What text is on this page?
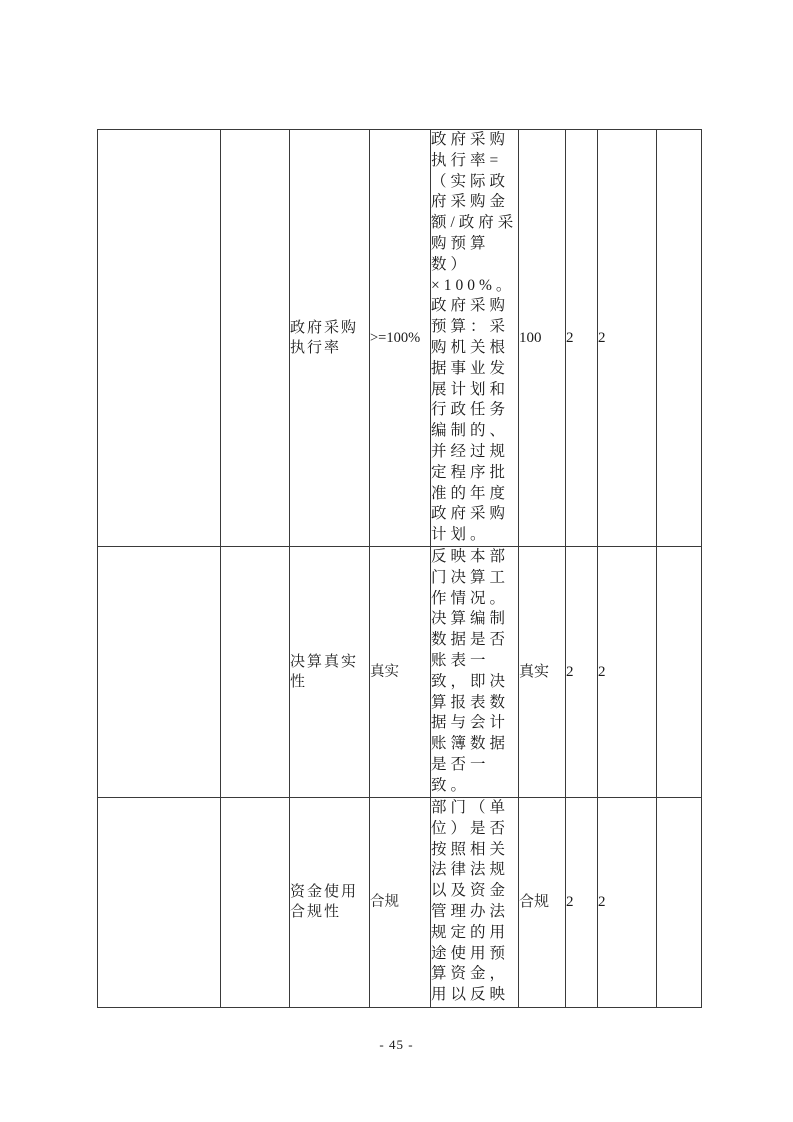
		政府采购执行率	>=100%	政府采购执行率=（实际政府采购金额/政府采购预算数）×100%。政府采购预算：采购机关根据事业发展计划和行政任务编制的、并经过规定程序批准的年度政府采购计划。	100	2	2	
		决算真实性	真实	反映本部门决算工作情况。决算编制数据是否账表一致，即决算报表数据与会计账簿数据是否一致。	真实	2	2	
		资金使用合规性	合规	部门（单位）是否按照相关法律法规以及资金管理办法规定的用途使用预算资金，用以反映	合规	2	2	
- 45 -
